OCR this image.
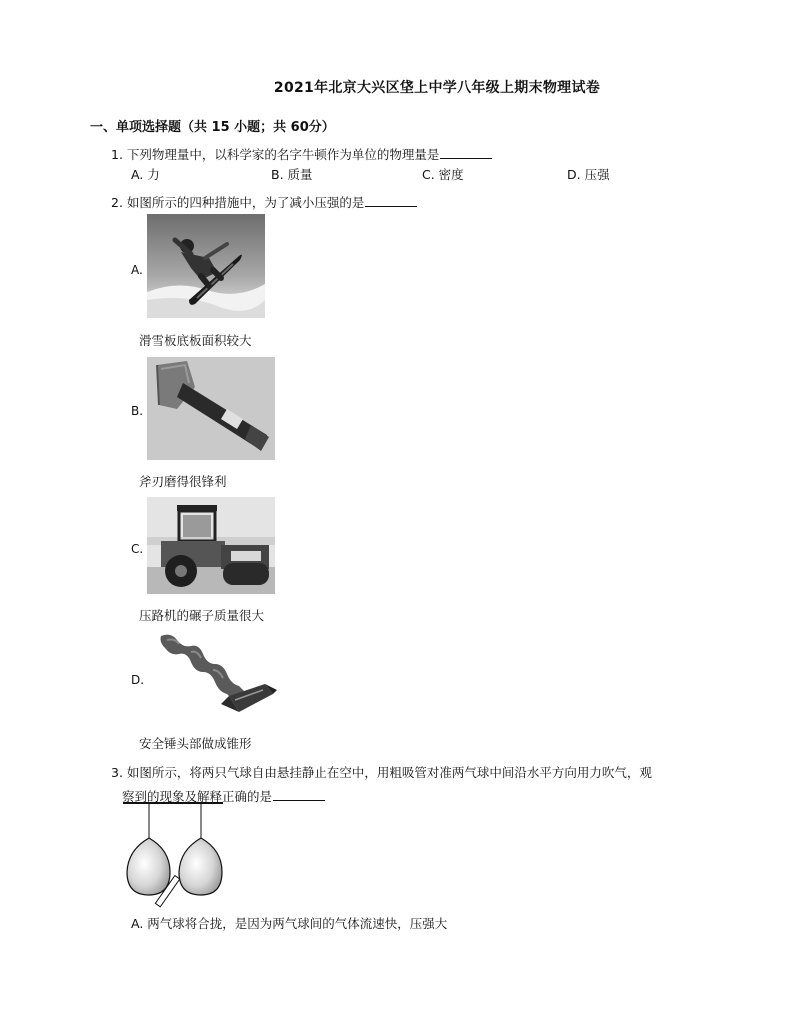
2021年北京大兴区垡上中学八年级上期末物理试卷
一、单项选择题（共 15 小题；共 60分）
1. 下列物理量中，以科学家的名字牛顿作为单位的物理量是
A. 力	B. 质量	C. 密度	D. 压强
2. 如图所示的四种措施中，为了减小压强的是
A.
滑雪板底板面积较大
B.
斧刃磨得很锋利
C.
压路机的碾子质量很大
D.
安全锤头部做成锥形
3. 如图所示，将两只气球自由悬挂静止在空中，用粗吸管对准两气球中间沿水平方向用力吹气，观
察到的现象及解释正确的是
A. 两气球将合拢，是因为两气球间的气体流速快，压强大
